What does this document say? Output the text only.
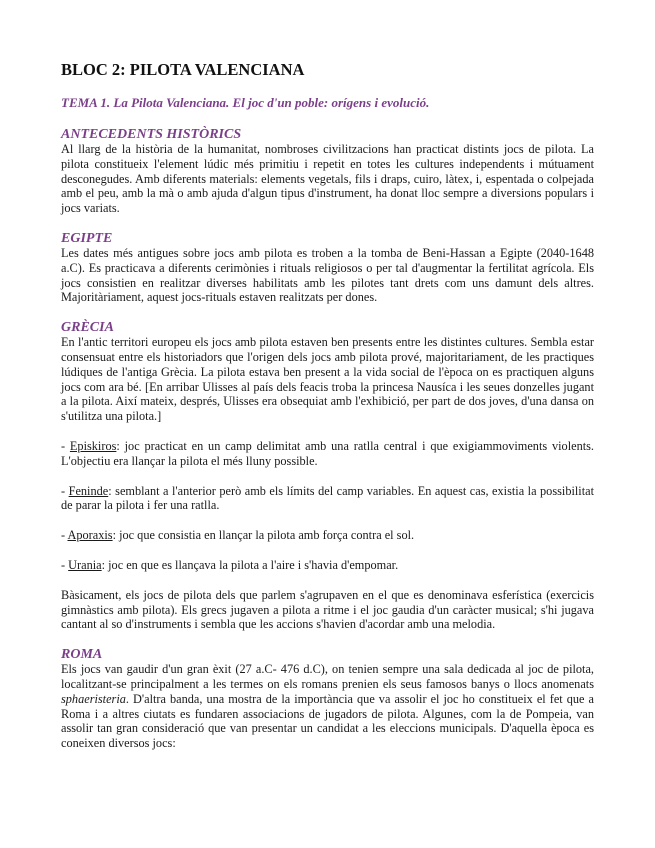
BLOC 2: PILOTA VALENCIANA
TEMA 1. La Pilota Valenciana. El joc d'un poble: orígens i evolució.
ANTECEDENTS HISTÒRICS

Al llarg de la història de la humanitat, nombroses civilitzacions han practicat distints jocs de pilota. La pilota constitueix l'element lúdic més primitiu i repetit en totes les cultures independents i mútuament desconegudes. Amb diferents materials: elements vegetals, fils i draps, cuiro, làtex, i, espentada o colpejada amb el peu, amb la mà o amb ajuda d'algun tipus d'instrument, ha donat lloc sempre a diversions populars i jocs variats.

EGIPTE

Les dates més antigues sobre jocs amb pilota es troben a la tomba de Beni-Hassan a Egipte (2040-1648 a.C). Es practicava a diferents cerimònies i rituals religiosos o per tal d'augmentar la fertilitat agrícola. Els jocs consistien en realitzar diverses habilitats amb les pilotes tant drets com uns damunt dels altres. Majoritàriament, aquest jocs-rituals estaven realitzats per dones.

GRÈCIA

En l'antic territori europeu els jocs amb pilota estaven ben presents entre les distintes cultures. Sembla estar consensuat entre els historiadors que l'origen dels jocs amb pilota prové, majoritariament, de les practiques lúdiques de l'antiga Grècia. La pilota estava ben present a la vida social de l'època on es practiquen alguns jocs com ara bé. [En arribar Ulisses al país dels feacis troba la princesa Nausíca i les seues donzelles jugant a la pilota. Així mateix, després, Ulisses era obsequiat amb l'exhibició, per part de dos joves, d'una dansa on s'utilitza una pilota.]

- Episkiros: joc practicat en un camp delimitat amb una ratlla central i que exigiammoviments violents. L'objectiu era llançar la pilota el més lluny possible.

- Feninde: semblant a l'anterior però amb els límits del camp variables. En aquest cas, existia la possibilitat de parar la pilota i fer una ratlla.

- Aporaxis: joc que consistia en llançar la pilota amb força contra el sol.

- Urania: joc en que es llançava la pilota a l'aire i s'havia d'empomar.

Bàsicament, els jocs de pilota dels que parlem s'agrupaven en el que es denominava esferística (exercicis gimnàstics amb pilota). Els grecs jugaven a pilota a ritme i el joc gaudia d'un caràcter musical; s'hi jugava cantant al so d'instruments i sembla que les accions s'havien d'acordar amb una melodia.

ROMA

Els jocs van gaudir d'un gran èxit (27 a.C- 476 d.C), on tenien sempre una sala dedicada al joc de pilota, localitzant-se principalment a les termes on els romans prenien els seus famosos banys o llocs anomenats sphaeristeria. D'altra banda, una mostra de la importància que va assolir el joc ho constitueix el fet que a Roma i a altres ciutats es fundaren associacions de jugadors de pilota. Algunes, com la de Pompeia, van assolir tan gran consideració que van presentar un candidat a les eleccions municipals. D'aquella època es coneixen diversos jocs:
